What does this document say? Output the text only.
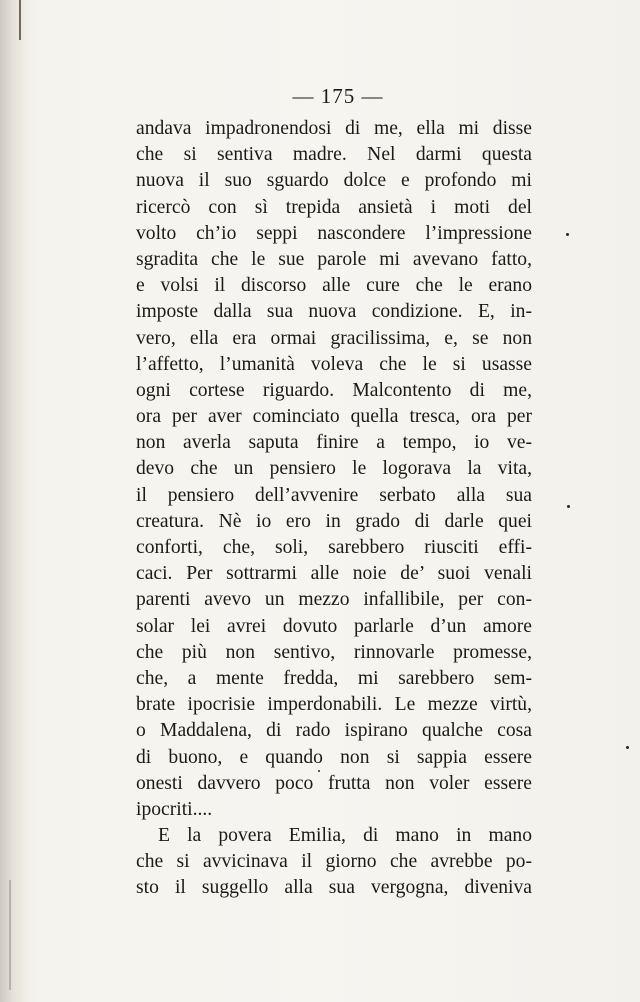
— 175 —
andava impadronendosi di me, ella mi disse
che si sentiva madre. Nel darmi questa
nuova il suo sguardo dolce e profondo mi
ricercò con sì trepida ansietà i moti del
volto ch’io seppi nascondere l’impressione
sgradita che le sue parole mi avevano fatto,
e volsi il discorso alle cure che le erano
imposte dalla sua nuova condizione. E, in-
vero, ella era ormai gracilissima, e, se non
l’affetto, l’umanità voleva che le si usasse
ogni cortese riguardo. Malcontento di me,
ora per aver cominciato quella tresca, ora per
non averla saputa finire a tempo, io ve-
devo che un pensiero le logorava la vita,
il pensiero dell’avvenire serbato alla sua
creatura. Nè io ero in grado di darle quei
conforti, che, soli, sarebbero riusciti effi-
caci. Per sottrarmi alle noie de’ suoi venali
parenti avevo un mezzo infallibile, per con-
solar lei avrei dovuto parlarle d’un amore
che più non sentivo, rinnovarle promesse,
che, a mente fredda, mi sarebbero sem-
brate ipocrisie imperdonabili. Le mezze virtù,
o Maddalena, di rado ispirano qualche cosa
di buono, e quando non si sappia essere
onesti davvero poco frutta non voler essere
ipocriti....
E la povera Emilia, di mano in mano
che si avvicinava il giorno che avrebbe po-
sto il suggello alla sua vergogna, diveniva
